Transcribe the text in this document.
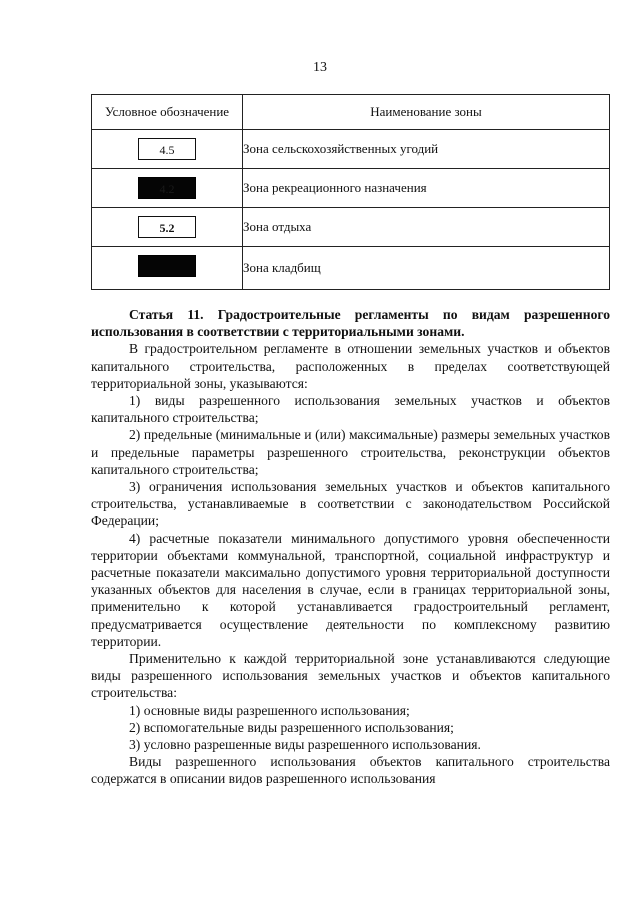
13
Условное обозначение	Наименование зоны
4.5	Зона сельскохозяйственных угодий
4.2	Зона рекреационного назначения
5.2	Зона отдыха
	Зона кладбищ

Статья 11. Градостроительные регламенты по видам разрешенного использования в соответствии с территориальными зонами.

В градостроительном регламенте в отношении земельных участков и объектов капитального строительства, расположенных в пределах соответствующей территориальной зоны, указываются:

1) виды разрешенного использования земельных участков и объектов капитального строительства;

2) предельные (минимальные и (или) максимальные) размеры земельных участков и предельные параметры разрешенного строительства, реконструкции объектов капитального строительства;

3) ограничения использования земельных участков и объектов капитального строительства, устанавливаемые в соответствии с законодательством Российской Федерации;

4) расчетные показатели минимального допустимого уровня обеспеченности территории объектами коммунальной, транспортной, социальной инфраструктур и расчетные показатели максимально допустимого уровня территориальной доступности указанных объектов для населения в случае, если в границах территориальной зоны, применительно к которой устанавливается градостроительный регламент, предусматривается осуществление деятельности по комплексному развитию территории.

Применительно к каждой территориальной зоне устанавливаются следующие виды разрешенного использования земельных участков и объектов капитального строительства:

1) основные виды разрешенного использования;

2) вспомогательные виды разрешенного использования;

3) условно разрешенные виды разрешенного использования.

Виды разрешенного использования объектов капитального строительства содержатся в описании видов разрешенного использования
